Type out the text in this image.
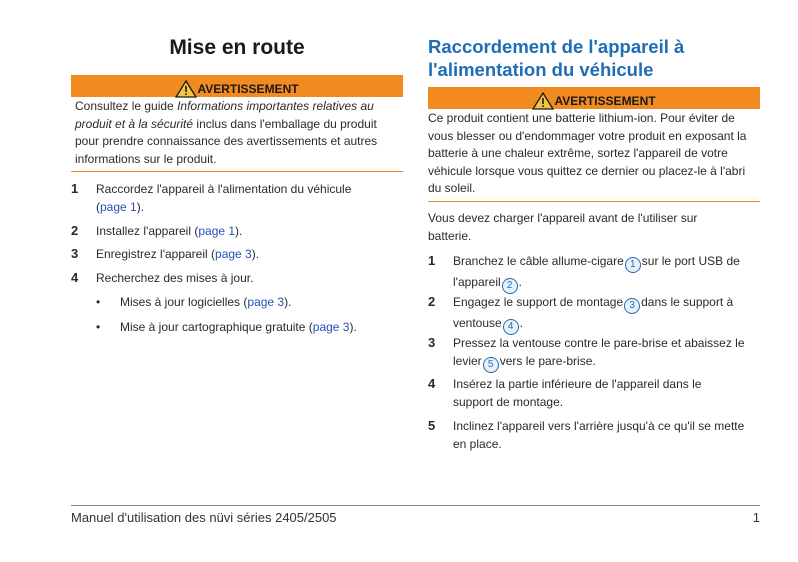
Mise en route
AVERTISSEMENT
Consultez le guide Informations importantes relatives au produit et à la sécurité inclus dans l'emballage du produit pour prendre connaissance des avertissements et autres informations sur le produit.
1 Raccordez l'appareil à l'alimentation du véhicule (page 1).
2 Installez l'appareil (page 1).
3 Enregistrez l'appareil (page 3).
4 Recherchez des mises à jour.
• Mises à jour logicielles (page 3).
• Mise à jour cartographique gratuite (page 3).
Raccordement de l'appareil à l'alimentation du véhicule
AVERTISSEMENT
Ce produit contient une batterie lithium-ion. Pour éviter de vous blesser ou d'endommager votre produit en exposant la batterie à une chaleur extrême, sortez l'appareil de votre véhicule lorsque vous quittez ce dernier ou placez-le à l'abri du soleil.
Vous devez charger l'appareil avant de l'utiliser sur batterie.
1 Branchez le câble allume-cigare 1 sur le port USB de l'appareil 2 .
2 Engagez le support de montage 3 dans le support à ventouse 4 .
3 Pressez la ventouse contre le pare-brise et abaissez le levier 5 vers le pare-brise.
4 Insérez la partie inférieure de l'appareil dans le support de montage.
5 Inclinez l'appareil vers l'arrière jusqu'à ce qu'il se mette en place.
Manuel d'utilisation des nüvi séries 2405/2505	1
